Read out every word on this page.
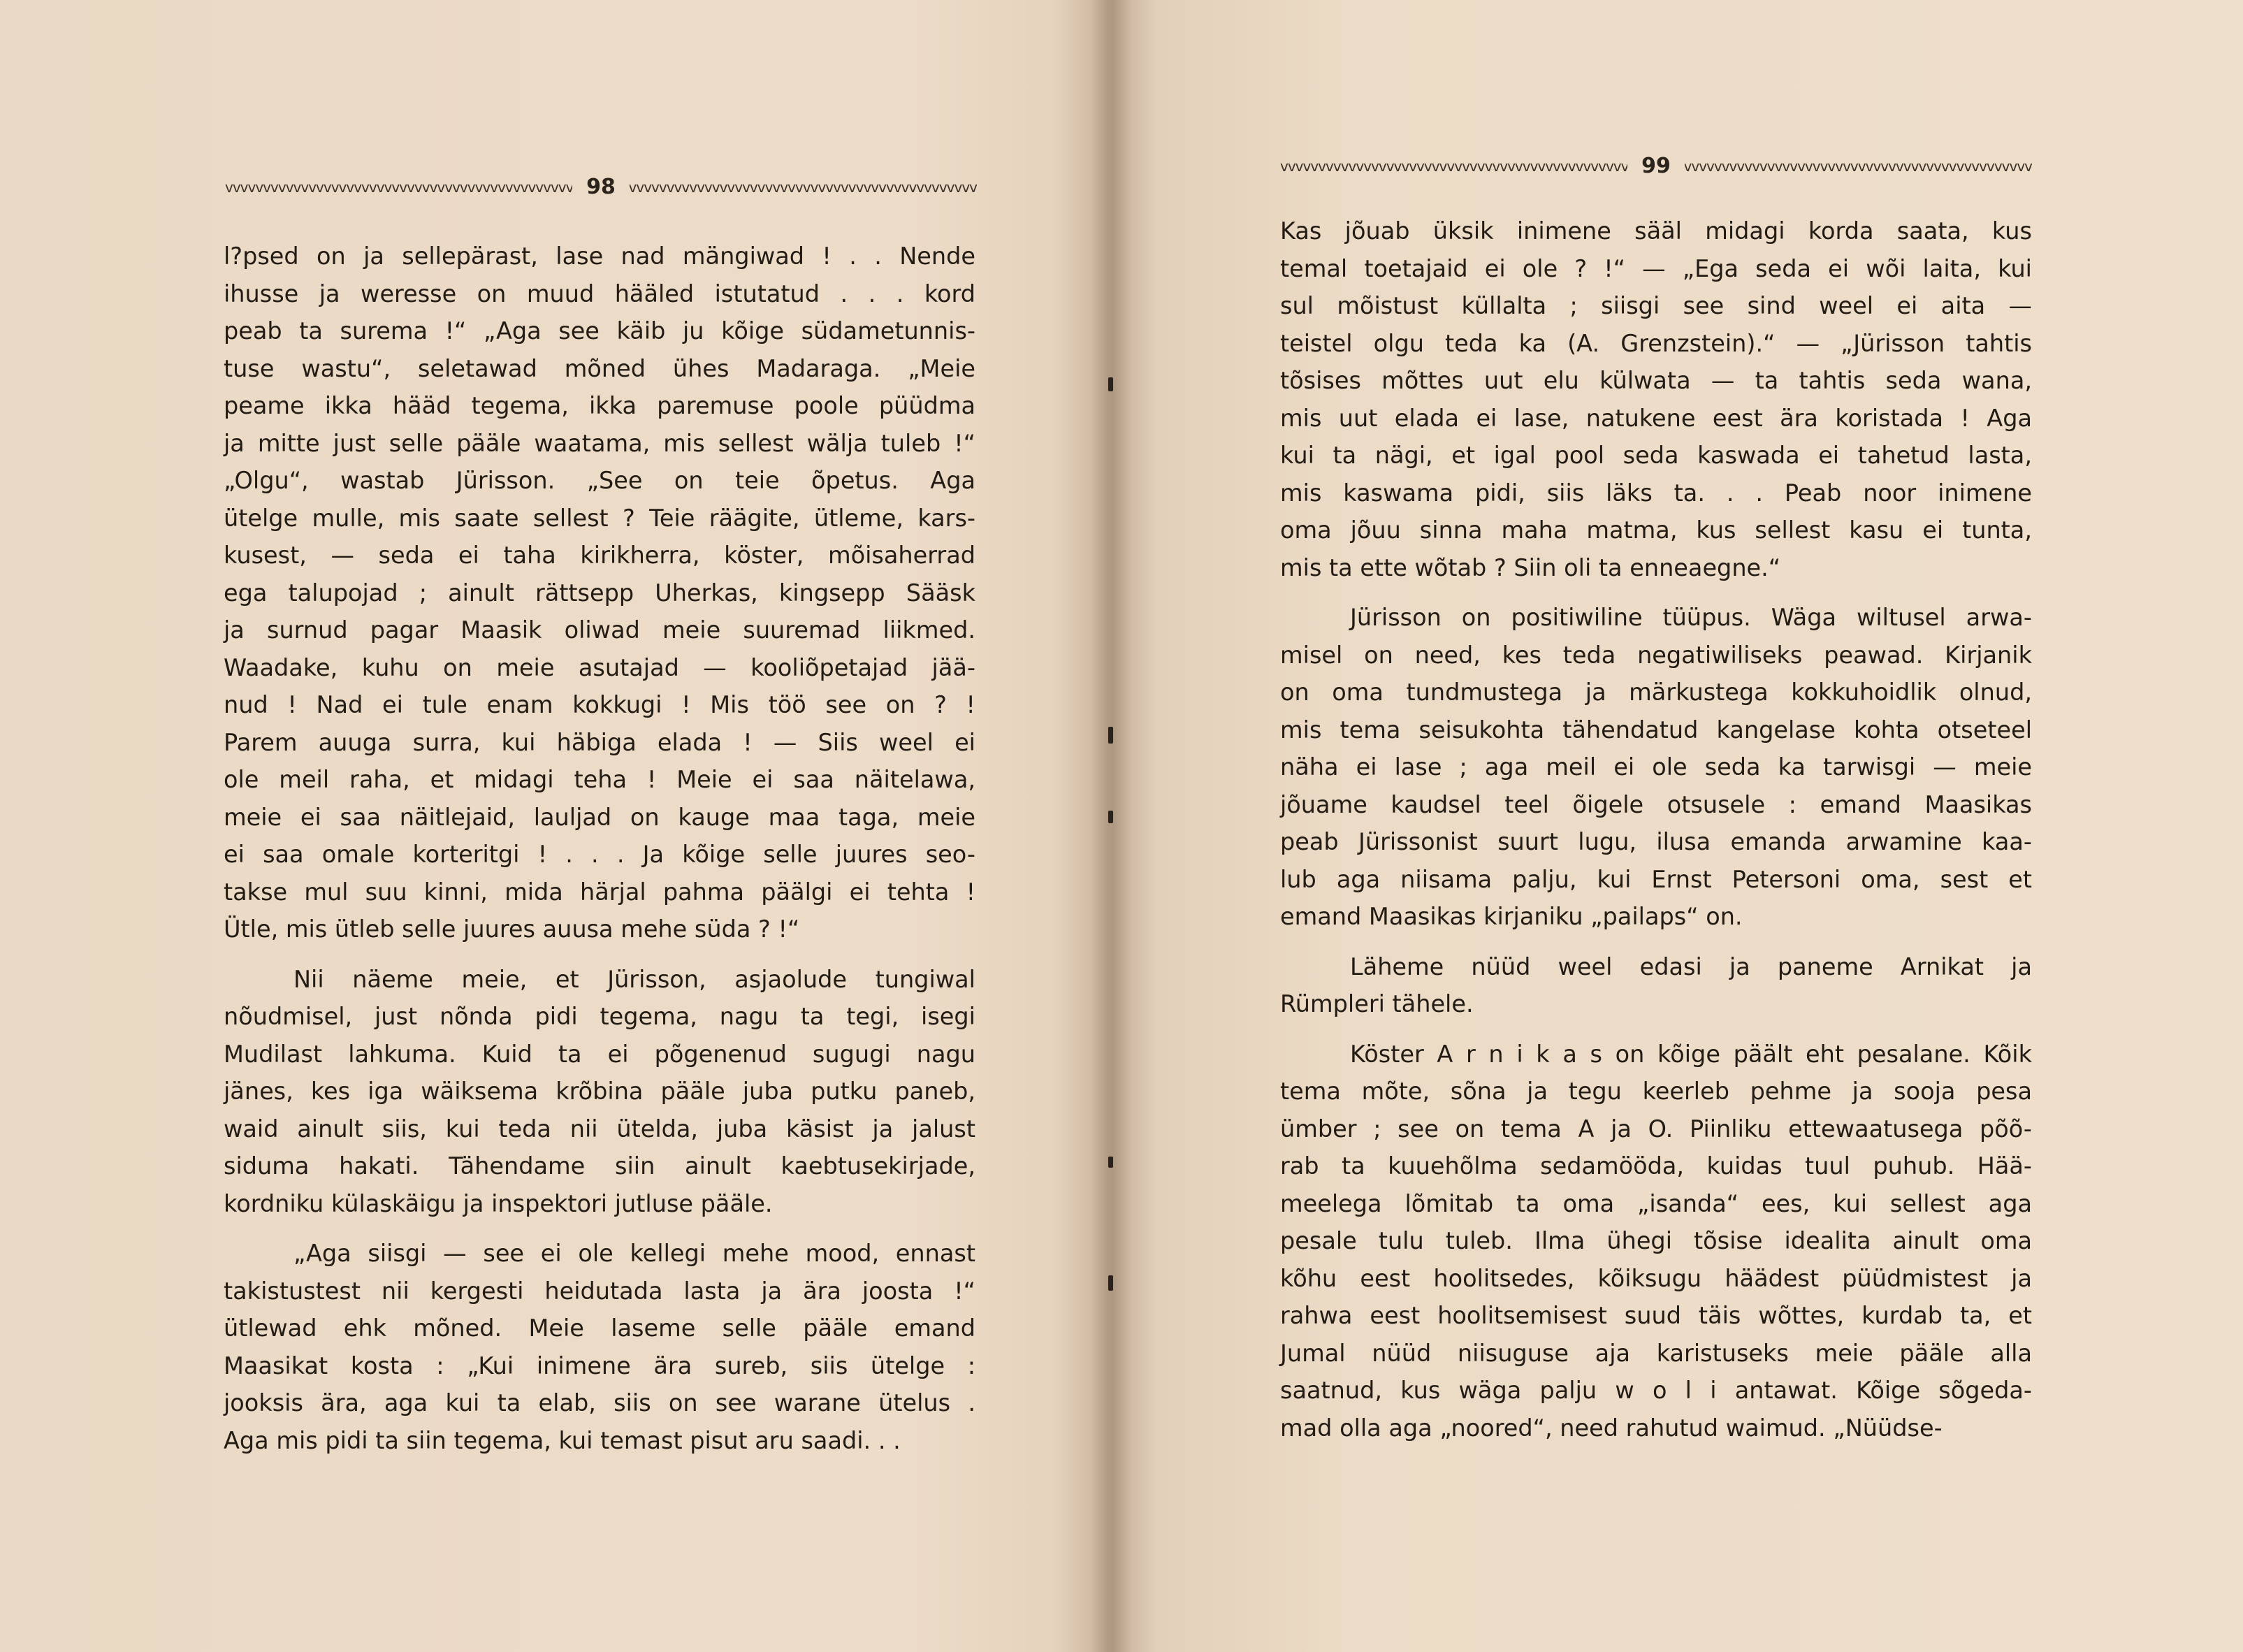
vvvvvvvvvvvvvvvvvvvvvvvvvvvvvvvvvvvvvvvvvvvvvvvvvvvvvvvvvvvvvvvvv
98
vvvvvvvvvvvvvvvvvvvvvvvvvvvvvvvvvvvvvvvvvvvvvvvvvvvvvvvvvvvvvvvvv
l?psed on ja sellepärast, lase nad mängiwad ! . . Nende
ihusse ja weresse on muud hääled istutatud . . . kord
peab ta surema !“ „Aga see käib ju kõige südametunnis-
tuse wastu“, seletawad mõned ühes Madaraga. „Meie
peame ikka hääd tegema, ikka paremuse poole püüdma
ja mitte just selle pääle waatama, mis sellest wälja tuleb !“
„Olgu“, wastab Jürisson. „See on teie õpetus. Aga
ütelge mulle, mis saate sellest ? Teie räägite, ütleme, kars-
kusest, — seda ei taha kirikherra, köster, mõisaherrad
ega talupojad ; ainult rättsepp Uherkas, kingsepp Sääsk
ja surnud pagar Maasik oliwad meie suuremad liikmed.
Waadake, kuhu on meie asutajad — kooliõpetajad jää-
nud ! Nad ei tule enam kokkugi ! Mis töö see on ? !
Parem auuga surra, kui häbiga elada ! — Siis weel ei
ole meil raha, et midagi teha ! Meie ei saa näitelawa,
meie ei saa näitlejaid, lauljad on kauge maa taga, meie
ei saa omale korteritgi ! . . . Ja kõige selle juures seo-
takse mul suu kinni, mida härjal pahma päälgi ei tehta !
Ütle, mis ütleb selle juures auusa mehe süda ? !“
Nii näeme meie, et Jürisson, asjaolude tungiwal
nõudmisel, just nõnda pidi tegema, nagu ta tegi, isegi
Mudilast lahkuma. Kuid ta ei põgenenud sugugi nagu
jänes, kes iga wäiksema krõbina pääle juba putku paneb,
waid ainult siis, kui teda nii ütelda, juba käsist ja jalust
siduma hakati. Tähendame siin ainult kaebtusekirjade,
kordniku külaskäigu ja inspektori jutluse pääle.
„Aga siisgi — see ei ole kellegi mehe mood, ennast
takistustest nii kergesti heidutada lasta ja ära joosta !“
ütlewad ehk mõned. Meie laseme selle pääle emand
Maasikat kosta : „Kui inimene ära sureb, siis ütelge :
jooksis ära, aga kui ta elab, siis on see warane ütelus .
Aga mis pidi ta siin tegema, kui temast pisut aru saadi. . .
vvvvvvvvvvvvvvvvvvvvvvvvvvvvvvvvvvvvvvvvvvvvvvvvvvvvvvvvvvvvvvvvv
99
vvvvvvvvvvvvvvvvvvvvvvvvvvvvvvvvvvvvvvvvvvvvvvvvvvvvvvvvvvvvvvvvv
Kas jõuab üksik inimene sääl midagi korda saata, kus
temal toetajaid ei ole ? !“ — „Ega seda ei wõi laita, kui
sul mõistust küllalta ; siisgi see sind weel ei aita —
teistel olgu teda ka (A. Grenzstein).“ — „Jürisson tahtis
tõsises mõttes uut elu külwata — ta tahtis seda wana,
mis uut elada ei lase, natukene eest ära koristada ! Aga
kui ta nägi, et igal pool seda kaswada ei tahetud lasta,
mis kaswama pidi, siis läks ta. . . Peab noor inimene
oma jõuu sinna maha matma, kus sellest kasu ei tunta,
mis ta ette wõtab ? Siin oli ta enneaegne.“
Jürisson on positiwiline tüüpus. Wäga wiltusel arwa-
misel on need, kes teda negatiwiliseks peawad. Kirjanik
on oma tundmustega ja märkustega kokkuhoidlik olnud,
mis tema seisukohta tähendatud kangelase kohta otseteel
näha ei lase ; aga meil ei ole seda ka tarwisgi — meie
jõuame kaudsel teel õigele otsusele : emand Maasikas
peab Jürissonist suurt lugu, ilusa emanda arwamine kaa-
lub aga niisama palju, kui Ernst Petersoni oma, sest et
emand Maasikas kirjaniku „pailaps“ on.
Läheme nüüd weel edasi ja paneme Arnikat ja
Rümpleri tähele.
Köster A r n i k a s on kõige päält eht pesalane. Kõik
tema mõte, sõna ja tegu keerleb pehme ja sooja pesa
ümber ; see on tema A ja O. Piinliku ettewaatusega põõ-
rab ta kuuehõlma sedamööda, kuidas tuul puhub. Hää-
meelega lõmitab ta oma „isanda“ ees, kui sellest aga
pesale tulu tuleb. Ilma ühegi tõsise idealita ainult oma
kõhu eest hoolitsedes, kõiksugu häädest püüdmistest ja
rahwa eest hoolitsemisest suud täis wõttes, kurdab ta, et
Jumal nüüd niisuguse aja karistuseks meie pääle alla
saatnud, kus wäga palju w o l i antawat. Kõige sõgeda-
mad olla aga „noored“, need rahutud waimud. „Nüüdse-
